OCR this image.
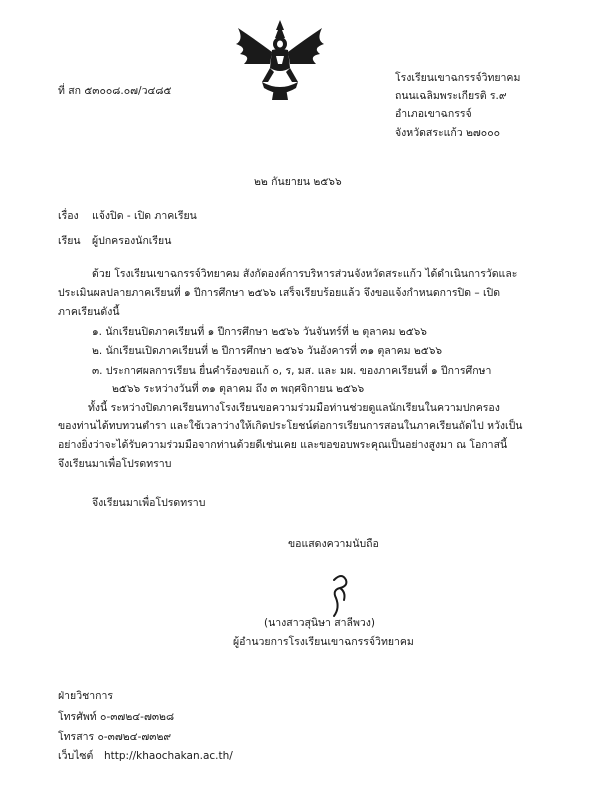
ที่ สก ๕๓๐๐๘.๐๗/ว๔๘๕
โรงเรียนเขาฉกรรจ์วิทยาคม
ถนนเฉลิมพระเกียรติ ร.๙
อำเภอเขาฉกรรจ์
จังหวัดสระแก้ว ๒๗๐๐๐
๒๒ กันยายน ๒๕๖๖
เรื่อง แจ้งปิด - เปิด ภาคเรียน
เรียน ผู้ปกครองนักเรียน
ด้วย โรงเรียนเขาฉกรรจ์วิทยาคม สังกัดองค์การบริหารส่วนจังหวัดสระแก้ว ได้ดำเนินการวัดและ
ประเมินผลปลายภาคเรียนที่ ๑ ปีการศึกษา ๒๕๖๖ เสร็จเรียบร้อยแล้ว จึงขอแจ้งกำหนดการปิด – เปิด
ภาคเรียนดังนี้
๑. นักเรียนปิดภาคเรียนที่ ๑ ปีการศึกษา ๒๕๖๖ วันจันทร์ที่ ๒ ตุลาคม ๒๕๖๖
๒. นักเรียนเปิดภาคเรียนที่ ๒ ปีการศึกษา ๒๕๖๖ วันอังคารที่ ๓๑ ตุลาคม ๒๕๖๖
๓. ประกาศผลการเรียน ยื่นคำร้องขอแก้ ๐, ร, มส. และ มผ. ของภาคเรียนที่ ๑ ปีการศึกษา
๒๕๖๖ ระหว่างวันที่ ๓๑ ตุลาคม ถึง ๓ พฤศจิกายน ๒๕๖๖
ทั้งนี้ ระหว่างปิดภาคเรียนทางโรงเรียนขอความร่วมมือท่านช่วยดูแลนักเรียนในความปกครอง
ของท่านได้ทบทวนตำรา และใช้เวลาว่างให้เกิดประโยชน์ต่อการเรียนการสอนในภาคเรียนถัดไป หวังเป็น
อย่างยิ่งว่าจะได้รับความร่วมมือจากท่านด้วยดีเช่นเคย และขอขอบพระคุณเป็นอย่างสูงมา ณ โอกาสนี้
จึงเรียนมาเพื่อโปรดทราบ
จึงเรียนมาเพื่อโปรดทราบ
ขอแสดงความนับถือ
(นางสาวสุนิษา สาลีพวง)
ผู้อำนวยการโรงเรียนเขาฉกรรจ์วิทยาคม
ฝ่ายวิชาการ
โทรศัพท์ ๐-๓๗๒๔-๗๓๒๘
โทรสาร ๐-๓๗๒๔-๗๓๒๙
เว็บไซต์ http://khaochakan.ac.th/
